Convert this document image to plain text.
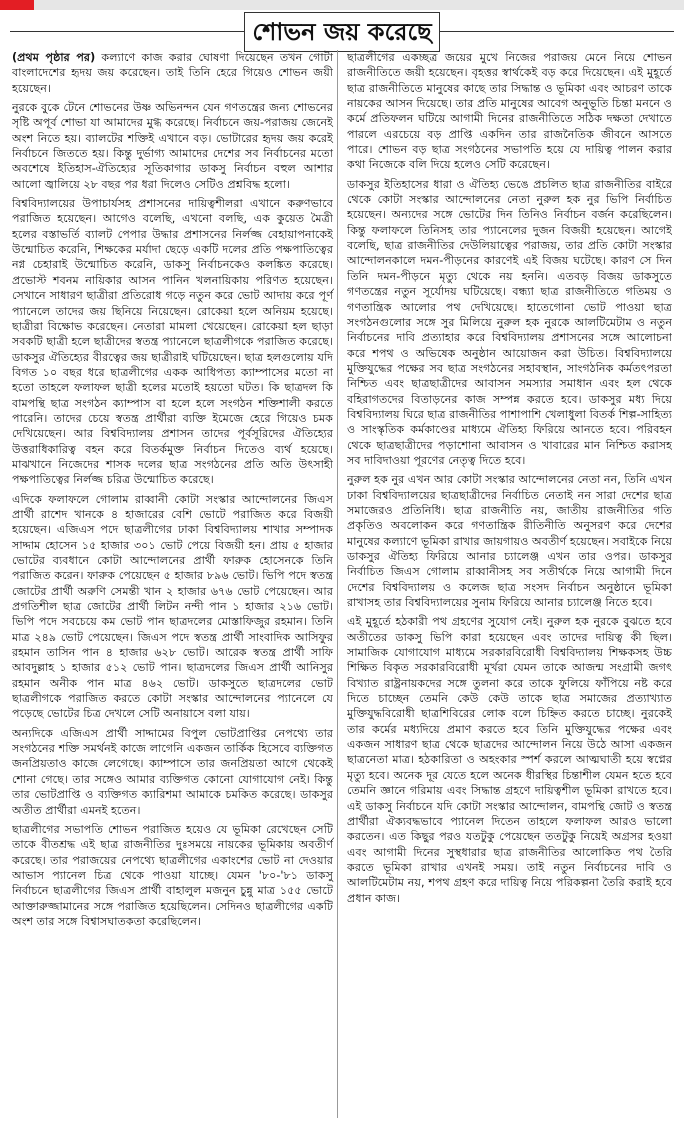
শোভন জয় করেছে

(প্রথম পৃষ্ঠার পর) কল্যাণে কাজ করার ঘোষণা দিয়েছেন তখন গোটা বাংলাদেশের হৃদয় জয় করেছেন। তাই তিনি হেরে গিয়েও শোভন জয়ী হয়েছেন।

নুরকে বুকে টেনে শোভনের উষ্ণ অভিনন্দন যেন গণতন্ত্রের জন্য শোভনের সৃষ্টি অপূর্ব শোভা যা আমাদের মুগ্ধ করেছে। নির্বাচনে জয়-পরাজয় জেনেই অংশ নিতে হয়। ব্যালটের শক্তিই এখানে বড়। ভোটারের হৃদয় জয় করেই নির্বাচনে জিততে হয়। কিন্তু দুর্ভাগ্য আমাদের দেশের সব নির্বাচনের মতো অবশেষে ইতিহাস-ঐতিহ্যের সূতিকাগার ডাকসু নির্বাচন বহুল আশার আলো জ্বালিয়ে ২৮ বছর পর ধরা দিলেও সেটিও প্রশ্নবিদ্ধ হলো।

বিশ্ববিদ্যালয়ের উপাচার্যসহ প্রশাসনের দায়িত্বশীলরা এখানে করুণভাবে পরাজিত হয়েছেন। আগেও বলেছি, এখনো বলছি, এক কুয়েত মৈত্রী হলের বস্তাভর্তি ব্যালট পেপার উদ্ধার প্রশাসনের নির্লজ্জ বেহায়াপনাকেই উন্মোচিত করেনি, শিক্ষকের মর্যাদা ছেড়ে একটি দলের প্রতি পক্ষপাতিত্বের নগ্ন চেহারাই উন্মোচিত করেনি, ডাকসু নির্বাচনকেও কলঙ্কিত করেছে। প্রভোস্ট শবনম নায়িকার আসন পানিন খলনায়িকায় পরিণত হয়েছেন। সেখানে সাধারণ ছাত্রীরা প্রতিরোধ গড়ে নতুন করে ভোট আদায় করে পূর্ণ প্যানেলে তাদের জয় ছিনিয়ে নিয়েছেন। রোকেয়া হলে অনিয়ম হয়েছে। ছাত্রীরা বিক্ষোভ করেছেন। নেতারা মামলা খেয়েছেন। রোকেয়া হল ছাড়া সবকটি ছাত্রী হলে ছাত্রীদের স্বতন্ত্র প্যানেলে ছাত্রলীগকে পরাজিত করেছে। ডাকসুর ঐতিহ্যের বীরত্বের জয় ছাত্রীরাই ঘটিয়েছেন। ছাত্র হলগুলোয় যদি বিগত ১০ বছর ধরে ছাত্রলীগের একক আধিপত্য ক্যাম্পাসের মতো না হতো তাহলে ফলাফল ছাত্রী হলের মতোই হয়তো ঘটত। কি ছাত্রদল কি বামপন্থি ছাত্র সংগঠন ক্যাম্পাস বা হলে হলে সংগঠন শক্তিশালী করতে পারেনি। তাদের চেয়ে স্বতন্ত্র প্রার্থীরা ব্যক্তি ইমেজে হেরে গিয়েও চমক দেখিয়েছেন। আর বিশ্ববিদ্যালয় প্রশাসন তাদের পূর্বসূরিদের ঐতিহ্যের উত্তরাধিকারিত্ব বহন করে বিতর্কমুক্ত নির্বাচন দিতেও ব্যর্থ হয়েছে। মাঝখানে নিজেদের শাসক দলের ছাত্র সংগঠনের প্রতি অতি উৎসাহী পক্ষপাতিত্বের নির্লজ্জ চরিত্র উন্মোচিত করেছে।

এদিকে ফলাফলে গোলাম রাব্বানী কোটা সংস্কার আন্দোলনের জিএস প্রার্থী রাশেদ খানকে ৪ হাজারের বেশি ভোটে পরাজিত করে বিজয়ী হয়েছেন। এজিএস পদে ছাত্রলীগের ঢাকা বিশ্ববিদ্যালয় শাখার সম্পাদক সাদ্দাম হোসেন ১৫ হাজার ৩০১ ভোট পেয়ে বিজয়ী হন। প্রায় ৫ হাজার ভোটের ব্যবধানে কোটা আন্দোলনের প্রার্থী ফারুক হোসেনকে তিনি পরাজিত করেন। ফারুক পেয়েছেন ৫ হাজার ৮৯৬ ভোট। ভিপি পদে স্বতন্ত্র জোটের প্রার্থী অরুণি সেমন্তী খান ২ হাজার ৬৭৬ ভোট পেয়েছেন। আর প্রগতিশীল ছাত্র জোটের প্রার্থী লিটন নন্দী পান ১ হাজার ২১৬ ভোট। ভিপি পদে সবচেয়ে কম ভোট পান ছাত্রদলের মোস্তাফিজুর রহমান। তিনি মাত্র ২৪৯ ভোট পেয়েছেন। জিএস পদে স্বতন্ত্র প্রার্থী সাংবাদিক আসিফুর রহমান তাসিন পান ৪ হাজার ৬২৮ ভোট। আরেক স্বতন্ত্র প্রার্থী সাফি আবদুল্লাহ ১ হাজার ৫১২ ভোট পান। ছাত্রদলের জিএস প্রার্থী আনিসুর রহমান অনীক পান মাত্র ৪৬২ ভোট। ডাকসুতে ছাত্রদলের ভোট ছাত্রলীগকে পরাজিত করতে কোটা সংস্কার আন্দোলনের প্যানেলে যে পড়েছে ভোটের চিত্র দেখলে সেটি অনায়াসে বলা যায়।

অন্যদিকে এজিএস প্রার্থী সাদ্দামের বিপুল ভোটপ্রাপ্তির নেপথ্যে তার সংগঠনের শক্তি সমর্থনই কাজে লাগেনি একজন তার্কিক হিসেবে ব্যক্তিগত জনপ্রিয়তাও কাজে লেগেছে। ক্যাম্পাসে তার জনপ্রিয়তা আগে থেকেই শোনা গেছে। তার সঙ্গেও আমার ব্যক্তিগত কোনো যোগাযোগ নেই। কিন্তু তার ভোটপ্রাপ্তি ও ব্যক্তিগত ক্যারিশমা আমাকে চমকিত করেছে। ডাকসুর অতীত প্রার্থীরা এমনই হতেন।

ছাত্রলীগের সভাপতি শোভন পরাজিত হয়েও যে ভূমিকা রেখেছেন সেটি তাকে বীতশ্রদ্ধ এই ছাত্র রাজনীতির দুঃসময়ে নায়কের ভূমিকায় অবতীর্ণ করেছে। তার পরাজয়ের নেপথ্যে ছাত্রলীগের একাংশের ভোট না দেওয়ার আভাস প্যানেল চিত্র থেকে পাওয়া যাচ্ছে। যেমন '৮০-'৮১ ডাকসু নির্বাচনে ছাত্রলীগের জিএস প্রার্থী বাহালুল মজনুন চুন্নু মাত্র ১৫৫ ভোটে আক্তারুজ্জামানের সঙ্গে পরাজিত হয়েছিলেন। সেদিনও ছাত্রলীগের একটি অংশ তার সঙ্গে বিশ্বাসঘাতকতা করেছিলেন।

ছাত্রলীগের একচ্ছত্র জয়ের মুখে নিজের পরাজয় মেনে নিয়ে শোভন রাজনীতিতে জয়ী হয়েছেন। বৃহত্তর স্বার্থকেই বড় করে দিয়েছেন। এই মুহূর্তে ছাত্র রাজনীতিতে মানুষের কাছে তার সিদ্ধান্ত ও ভূমিকা এবং আচরণ তাকে নায়কের আসন দিয়েছে। তার প্রতি মানুষের আবেগ অনুভূতি চিন্তা মননে ও কর্মে প্রতিফলন ঘটিয়ে আগামী দিনের রাজনীতিতে সঠিক দক্ষতা দেখাতে পারলে এরচেয়ে বড় প্রাপ্তি একদিন তার রাজনৈতিক জীবনে আসতে পারে। শোভন বড় ছাত্র সংগঠনের সভাপতি হয়ে যে দায়িত্ব পালন করার কথা নিজেকে বলি দিয়ে হলেও সেটি করেছেন।

ডাকসুর ইতিহাসের ধারা ও ঐতিহ্য ভেঙে প্রচলিত ছাত্র রাজনীতির বাইরে থেকে কোটা সংস্কার আন্দোলনের নেতা নুরুল হক নুর ভিপি নির্বাচিত হয়েছেন। অন্যদের সঙ্গে ভোটের দিন তিনিও নির্বাচন বর্জন করেছিলেন। কিন্তু ফলাফলে তিনিসহ তার প্যানেলের দুজন বিজয়ী হয়েছেন। আগেই বলেছি, ছাত্র রাজনীতির দেউলিয়াত্বের পরাজয়, তার প্রতি কোটা সংস্কার আন্দোলনকালে দমন-পীড়নের কারণেই এই বিজয় ঘটেছে। কারণ সে দিন তিনি দমন-পীড়নে মৃত্যু থেকে নয় হননি। এতবড় বিজয় ডাকসুতে গণতন্ত্রের নতুন সূর্যোদয় ঘটিয়েছে। বন্ধ্যা ছাত্র রাজনীতিতে গতিময় ও গণতান্ত্রিক আলোর পথ দেখিয়েছে। হাতেগোনা ভোট পাওয়া ছাত্র সংগঠনগুলোর সঙ্গে সুর মিলিয়ে নুরুল হক নুরকে আলটিমেটাম ও নতুন নির্বাচনের দাবি প্রত্যাহার করে বিশ্ববিদ্যালয় প্রশাসনের সঙ্গে আলোচনা করে শপথ ও অভিষেক অনুষ্ঠান আয়োজন করা উচিত। বিশ্ববিদ্যালয়ে মুক্তিযুদ্ধের পক্ষের সব ছাত্র সংগঠনের সহাবস্থান, সাংগঠনিক কর্মতৎপরতা নিশ্চিত এবং ছাত্রছাত্রীদের আবাসন সমস্যার সমাধান এবং হল থেকে বহিরাগতদের বিতাড়নের কাজ সম্পন্ন করতে হবে। ডাকসুর মধ্য দিয়ে বিশ্ববিদ্যালয় ঘিরে ছাত্র রাজনীতির পাশাপাশি খেলাধুলা বিতর্ক শিল্প-সাহিত্য ও সাংস্কৃতিক কর্মকাণ্ডের মাধ্যমে ঐতিহ্য ফিরিয়ে আনতে হবে। পরিবহন থেকে ছাত্রছাত্রীদের পড়াশোনা আবাসন ও খাবারের মান নিশ্চিত করাসহ সব দাবিদাওয়া পূরণের নেতৃত্ব দিতে হবে।

নুরুল হক নুর এখন আর কোটা সংস্কার আন্দোলনের নেতা নন, তিনি এখন ঢাকা বিশ্ববিদ্যালয়ের ছাত্রছাত্রীদের নির্বাচিত নেতাই নন সারা দেশের ছাত্র সমাজেরও প্রতিনিধি। ছাত্র রাজনীতি নয়, জাতীয় রাজনীতির গতি প্রকৃতিও অবলোকন করে গণতান্ত্রিক রীতিনীতি অনুসরণ করে দেশের মানুষের কল্যাণে ভূমিকা রাখার জায়গায়ও অবতীর্ণ হয়েছেন। সবাইকে নিয়ে ডাকসুর ঐতিহ্য ফিরিয়ে আনার চ্যালেঞ্জ এখন তার ওপর। ডাকসুর নির্বাচিত জিএস গোলাম রাব্বানীসহ সব সতীর্থকে নিয়ে আগামী দিনে দেশের বিশ্ববিদ্যালয় ও কলেজ ছাত্র সংসদ নির্বাচন অনুষ্ঠানে ভূমিকা রাখাসহ তার বিশ্ববিদ্যালয়ের সুনাম ফিরিয়ে আনার চ্যালেঞ্জ নিতে হবে।

এই মুহূর্তে হঠকারী পথ গ্রহণের সুযোগ নেই। নুরুল হক নুরকে বুঝতে হবে অতীতের ডাকসু ভিপি কারা হয়েছেন এবং তাদের দায়িত্ব কী ছিল। সামাজিক যোগাযোগ মাধ্যমে সরকারবিরোধী বিশ্ববিদ্যালয় শিক্ষকসহ উচ্চ শিক্ষিত বিকৃত সরকারবিরোধী মূর্খরা যেমন তাকে আজন্ম সংগ্রামী জগৎ বিখ্যাত রাষ্ট্রনায়কদের সঙ্গে তুলনা করে তাকে ফুলিয়ে ফাঁপিয়ে নষ্ট করে দিতে চাচ্ছেন তেমনি কেউ কেউ তাকে ছাত্র সমাজের প্রত্যাখ্যাত মুক্তিযুদ্ধবিরোধী ছাত্রশিবিরের লোক বলে চিহ্নিত করতে চাচ্ছে। নুরকেই তার কর্মের মধ্যদিয়ে প্রমাণ করতে হবে তিনি মুক্তিযুদ্ধের পক্ষের এবং একজন সাধারণ ছাত্র থেকে ছাত্রদের আন্দোলন নিয়ে উঠে আসা একজন ছাত্রনেতা মাত্র। হঠকারিতা ও অহংকার স্পর্শ করলে আত্মঘাতী হয়ে স্বপ্নের মৃত্যু হবে। অনেক দূর যেতে হলে অনেক ধীরস্থির চিন্তাশীল যেমন হতে হবে তেমনি জ্ঞানে গরিমায় এবং সিদ্ধান্ত গ্রহণে দায়িত্বশীল ভূমিকা রাখতে হবে। এই ডাকসু নির্বাচনে যদি কোটা সংস্কার আন্দোলন, বামপন্থি জোট ও স্বতন্ত্র প্রার্থীরা ঐক্যবদ্ধভাবে প্যানেল দিতেন তাহলে ফলাফল আরও ভালো করতেন। এত কিছুর পরও যতটুকু পেয়েছেন ততটুকু নিয়েই অগ্রসর হওয়া এবং আগামী দিনের সুস্থধারার ছাত্র রাজনীতির আলোকিত পথ তৈরি করতে ভূমিকা রাখার এখনই সময়। তাই নতুন নির্বাচনের দাবি ও আলটিমেটাম নয়, শপথ গ্রহণ করে দায়িত্ব নিয়ে পরিকল্পনা তৈরি করাই হবে প্রধান কাজ।
